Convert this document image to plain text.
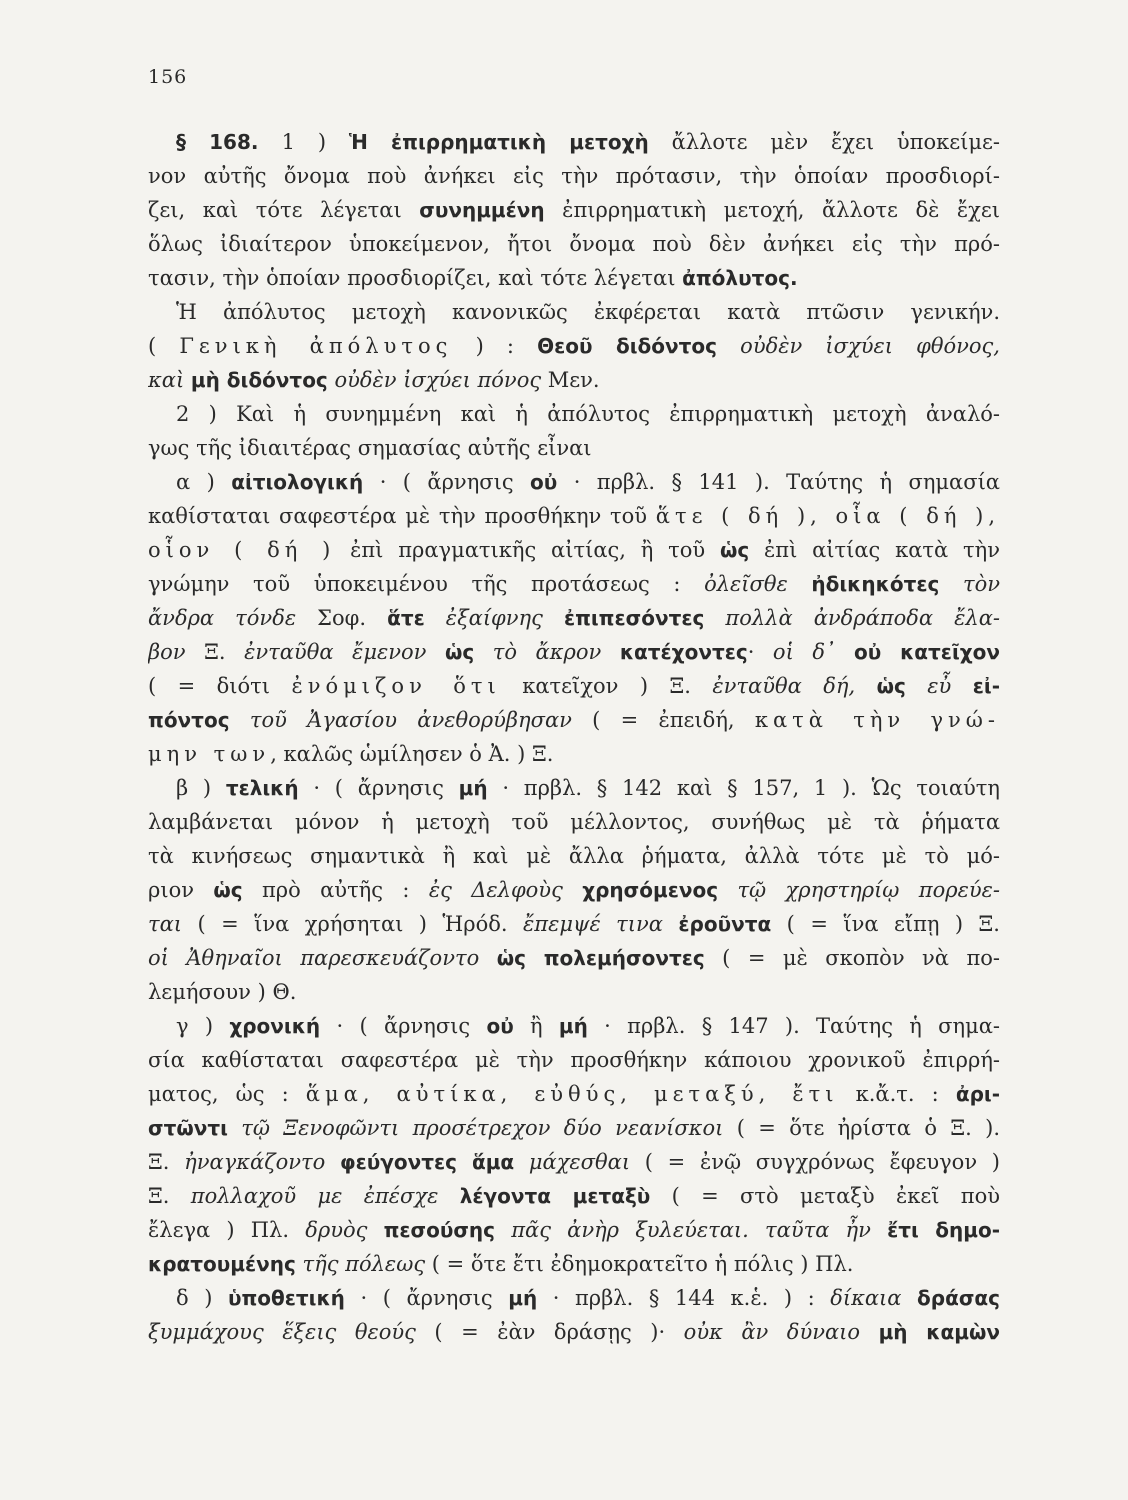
156
§ 168. 1 ) Ἡ ἐπιρρηματικὴ μετοχὴ ἄλλοτε μὲν ἔχει ὑποκείμε-
νον αὐτῆς ὄνομα ποὺ ἀνήκει εἰς τὴν πρότασιν, τὴν ὁποίαν προσδιορί-
ζει, καὶ τότε λέγεται συνημμένη ἐπιρρηματικὴ μετοχή, ἄλλοτε δὲ ἔχει
ὅλως ἰδιαίτερον ὑποκείμενον, ἤτοι ὄνομα ποὺ δὲν ἀνήκει εἰς τὴν πρό-
τασιν, τὴν ὁποίαν προσδιορίζει, καὶ τότε λέγεται ἀπόλυτος.
Ἡ ἀπόλυτος μετοχὴ κανονικῶς ἐκφέρεται κατὰ πτῶσιν γενικήν.
( Γενικὴ ἀπόλυτος ) : Θεοῦ διδόντος οὐδὲν ἰσχύει φθόνος,
καὶ μὴ διδόντος οὐδὲν ἰσχύει πόνος Μεν.
2 ) Καὶ ἡ συνημμένη καὶ ἡ ἀπόλυτος ἐπιρρηματικὴ μετοχὴ ἀναλό-
γως τῆς ἰδιαιτέρας σημασίας αὐτῆς εἶναι
α ) αἰτιολογική · ( ἄρνησις οὐ · πρβλ. § 141 ). Ταύτης ἡ σημασία
καθίσταται σαφεστέρα μὲ τὴν προσθήκην τοῦ ἅτε ( δή ), οἷα ( δή ),
οἷον ( δή ) ἐπὶ πραγματικῆς αἰτίας, ἢ τοῦ ὡς ἐπὶ αἰτίας κατὰ τὴν
γνώμην τοῦ ὑποκειμένου τῆς προτάσεως : ὀλεῖσθε ἠδικηκότες τὸν
ἄνδρα τόνδε Σοφ. ἅτε ἐξαίφνης ἐπιπεσόντες πολλὰ ἀνδράποδα ἔλα-
βον Ξ. ἐνταῦθα ἔμενον ὡς τὸ ἄκρον κατέχοντες· οἱ δ᾽ οὐ κατεῖχον
( = διότι ἐνόμιζον ὅτι κατεῖχον ) Ξ. ἐνταῦθα δή, ὡς εὖ εἰ-
πόντος τοῦ Ἀγασίου ἀνεθορύβησαν ( = ἐπειδή, κατὰ τὴν γνώ-
μην των, καλῶς ὡμίλησεν ὁ Ἀ. ) Ξ.
β ) τελική · ( ἄρνησις μή · πρβλ. § 142 καὶ § 157, 1 ). Ὡς τοιαύτη
λαμβάνεται μόνον ἡ μετοχὴ τοῦ μέλλοντος, συνήθως μὲ τὰ ῥήματα
τὰ κινήσεως σημαντικὰ ἢ καὶ μὲ ἄλλα ῥήματα, ἀλλὰ τότε μὲ τὸ μό-
ριον ὡς πρὸ αὐτῆς : ἐς Δελφοὺς χρησόμενος τῷ χρηστηρίῳ πορεύε-
ται ( = ἵνα χρήσηται ) Ἡρόδ. ἔπεμψέ τινα ἐροῦντα ( = ἵνα εἴπῃ ) Ξ.
οἱ Ἀθηναῖοι παρεσκευάζοντο ὡς πολεμήσοντες ( = μὲ σκοπὸν νὰ πο-
λεμήσουν ) Θ.
γ ) χρονική · ( ἄρνησις οὐ ἢ μή · πρβλ. § 147 ). Ταύτης ἡ σημα-
σία καθίσταται σαφεστέρα μὲ τὴν προσθήκην κάποιου χρονικοῦ ἐπιρρή-
ματος, ὡς : ἅμα, αὐτίκα, εὐθύς, μεταξύ, ἔτι κ.ἄ.τ. : ἀρι-
στῶντι τῷ Ξενοφῶντι προσέτρεχον δύο νεανίσκοι ( = ὅτε ἠρίστα ὁ Ξ. ).
Ξ. ἠναγκάζοντο φεύγοντες ἅμα μάχεσθαι ( = ἐνῷ συγχρόνως ἔφευγον )
Ξ. πολλαχοῦ με ἐπέσχε λέγοντα μεταξὺ ( = στὸ μεταξὺ ἐκεῖ ποὺ
ἔλεγα ) Πλ. δρυὸς πεσούσης πᾶς ἀνὴρ ξυλεύεται. ταῦτα ἦν ἔτι δημο-
κρατουμένης τῆς πόλεως ( = ὅτε ἔτι ἐδημοκρατεῖτο ἡ πόλις ) Πλ.
δ ) ὑποθετική · ( ἄρνησις μή · πρβλ. § 144 κ.ἑ. ) : δίκαια δράσας
ξυμμάχους ἕξεις θεούς ( = ἐὰν δράσῃς )· οὐκ ἂν δύναιο μὴ καμὼν
